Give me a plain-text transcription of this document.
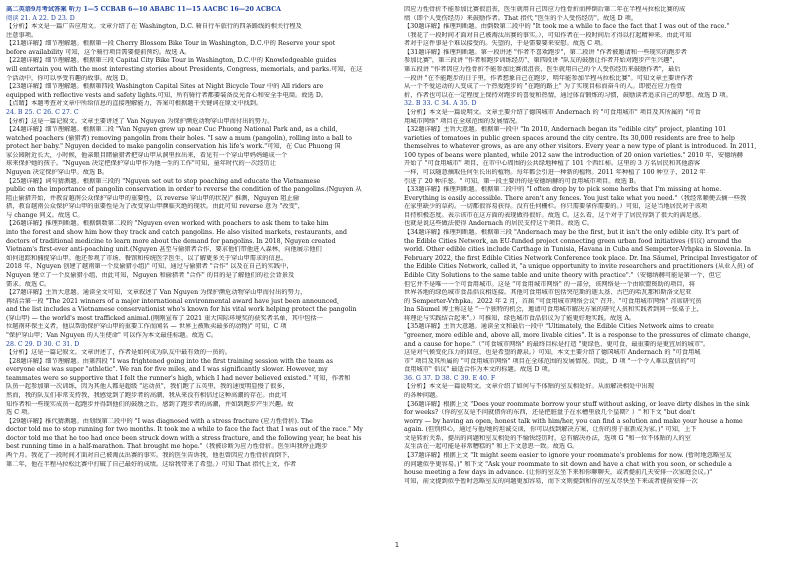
高二英语9月考试答案 听力 1—5 CCBAB 6—10 ABABC 11—15 AACBC 16—20 ACBCA
阅读 21. A 22. D 23. D
【分析】本文是一篇广告应用文。文章介绍了在 Washington, D.C. 骑自行车旅行的四条路线的相关行程及
注意事项。
【21题详解】细节理解题。根据第一段 Cherry Blossom Bike Tour in Washington, D.C.中的 Reserve your spot
before availability 可知，这个骑行项目需要提前预约。故选 A。
【22题详解】细节理解题。根据第三段 Capital City Bike Tour in Washington, D.C.中的 Knowledgeable guides
will entertain you with the most interesting stories about Presidents, Congress, memorials, and parks.可知，在这
个活动中，你可以享受有趣的故事。故选 D。
【23题详解】细节理解题。根据第四段 Washington Capital Sites at Night Bicycle Tour 中的 All riders are
equipped with reflective vests and safety lights.可知，所有骑行者都要装备反光背心和安全手电筒。故选 D。
【点睛】本题考查对文章中所给信息的直接理解能力，答案可根据题干关键词在原文中找到。
24. B 25. C 26. C 27. C
【分析】这是一篇记叙文。文章主要讲述了 Van Nguyen 为保护濒危动物穿山甲而付出的努力。
【24题详解】细节理解题。根据第二段 "Van Nguyen grew up near Cuc Phuong National Park and, as a child,
watched poachers (偷猎者) removing pangolin from their holes. "I saw a mum (pangolin), rolling into a ball to
protect her baby." Nguyen decided to make pangolin conservation his life's work."可知，在 Cuc Phuong 国
家公园附近长大，小时候，他亲眼目睹偷猎者把穿山甲从洞里拉出来，看见有一个穿山甲妈妈蜷成一个
球来保护她的孩子。"Nguyen 决定把保护穿山甲作为他一生的工作"可知，童年时代的一次经历让
Nguyen 决定保护穿山甲。故选 B。
【25题详解】词句猜测题。根据第三段的 "Nguyen set out to stop poaching and educate the Vietnamese
public on the importance of pangolin conservation in order to reverse the condition of the pangolins.(Nguyen 从
阻止偷猎开始，并教育越南公众保护穿山甲的重要性，以 reverse 穿山甲的状况)" 推测，Nguyen 阻止偷
猎，教育越南公众保护穿山甲的重要性是为了改变穿山甲濒临灭绝的现状。由此可知 reverse 意为 "改变"，
与 change 同义。故选 C。
【26题详解】推理判断题。根据倒数第二段的 "Nguyen even worked with poachers to ask them to take him
into the forest and show him how they track and catch pangolins. He also visited markets, restaurants, and
doctors of traditional medicine to learn more about the demand for pangolins. In 2018, Nguyen created
Vietnam's first-ever anti-poaching unit.(Nguyen 甚至与偷猎者合作，要求他们带他进入森林，向他展示他们
如何追踪和捕捉穿山甲。他还参观了市场、餐馆和传统医学医生，以了解更多关于穿山甲需求的信息。
2018 年，Nguyen 创建了越南第一个反偷猎小组)" 可知，通过与偷猎者 "合作" 以及在自己的实践中，
Nguyen 建立了一个反偷猎小组，由此可知，Nguyen 和偷猎者 "合作" 的目的是了解他们的社会背景及
需求。故选 C。
【27题详解】主旨大意题。通读全文可知，文章叙述了 Van Nguyen 为保护濒危动物穿山甲而付出的努力，
再结合第一段 "The 2021 winners of a major international environmental award have just been announced,
and the list includes a Vietnamese conservationist who's known for his vital work helping protect the pangolin
(穿山甲) — the world's most trafficked animal.(刚刚宣布了 2021 重大国际环境奖的获奖者名单，其中包括一
位越南环保主义者，他以帮助保护穿山甲的重要工作而闻名 — 世界上被贩卖最多的动物)" 可知，C 项
"保护穿山甲；Van Nguyen 的人生使命" 可以作为本文最佳标题。故选 C。
28. C 29. D 30. C 31. D
【分析】这是一篇记叙文。文章讲述了，作者是如何成为队友中最有效的一员的。
【28题详解】细节理解题。由第四段 "I was frightened going into the first training session with the team as
everyone else was super "athletic". We ran for five miles, and I was significantly slower. However, my
teammates were so supportive that I felt the runner's high, which I had never believed existed." 可知，作者和
队员一起参加第一次训练，因为其他人都是超级 "运动员"，我们跑了五英里，我的速度明显慢了很多，
然而，我的队友们非常支持我，我感觉到了跑步者的高潮，我从来没有相信过这种高潮的存在。由此可
知作者和一些现实成员一起跑步并得到他们的鼓励之后，感到了跑步者的高潮，并如到跑步产生兴趣。故
选 C 项。
【29题详解】推代猜测题。由划线第二段中的 "I was diagnosed with a stress fracture (应力性骨折). The
doctor told me to stop running for two months. It took me a while to face the fact that I was out of the race." My
doctor told me that he too had once been struck down with a stress fracture, and the following year, he beat his
best running time in a half-marathon. That brought me hope."（我被诊断为应力性骨折。医生叫我停止跑步
两个月。我花了一段时间才面对自己被淘汰出赛的事实。我的医生告诉我，他也曾因应力性骨折而倒下，
第二年，他在半程马拉松比赛中打破了自己最好的成绩。这给我带来了希望。）可知 That 指代上文，作者
因应力性骨折不能参加比赛很沮丧，医生就用自己因应力性骨折而摔倒后第二年在半程马拉松比赛的成
绩（即个人受伤经历）来鼓励作者。That 指代 "医生的个人受伤经历"。故选 D 项。
【30题详解】推理判断题。由倒数第二段中的 "It took me a while to face the fact that I was out of the race."
（我花了一段时间才面对自己被淘汰出赛的事实。），可知作者在一段时间后才得以打起精神来。由此可知
者对于这件事是个难以接受的。失望的，于是需要要来安慰。故选 C 项。
【31题详解】推理判断题。第一段讲述 "作者不喜欢跑步"，第二段讲 "作者被邀请和一些现实的跑步者
参加比赛"，第三段讲 "作者和跑步训练经历"，第四段讲 "队友的鼓励让作者开始对跑步产生兴趣"，
第五段讲 "作者因应力性骨折不能参加比赛很沮丧，医生就用自己的个人受伤经历来鼓励作者"，最后
一段讲 "在不能跑步的日子里，作者想象自己在跑步，明年能参加半程马拉松比赛"。可知文章主要讲作者
从一个不爱运动的人变成了一个热爱跑步的 "在跑的路上" 为了实现目标而奋斗的人。即使在应力性骨
折，作者也可以在一定程度上保持对跑步的喜爱和热情，通过体育锻炼的习惯，鼓励读者追求自己的梦想。故选 D 项。
32. B 33. C 34. A 35. D
【分析】本文是一篇说明文。文章主要介绍了德国城市 Andernach 的 "可食用城市" 项目及其所属的 "可食
用城市网络" 项目在全球范围的发展情况。
【32题详解】主旨大意题。根据第一段中 "In 2010, Andernach began its "edible city" project, planting 101
varieties of tomatoes in public green spaces around the city centre. Its 30,000 residents are free to help
themselves to whatever grows, as are any other visitors. Every year a new type of plant is introduced. In 2011,
100 types of beans were planted, while 2012 saw the introduction of 20 onion varieties." 2010 年，安德纳赫
开始了 "可食用城市" 项目，在市中心周围的公共绿地种植了 101 个西红柿。这里的 3 万名居民和其他游客
一样，可以随意摘取任何生长出的植物。每年都会引进一种新的植物。2011 年种植了 100 种豆子，2012 年
引进了 20 种洋葱。" 可知，第一段主要讲的是安德纳赫的可食用城市项目。故选 B。
【33题详解】推理判断题。根据第二段中的 "I often drop by to pick some herbs that I'm missing at home.
Everything is easily accessible. There aren't any fences. You just take what you need."（我经常顺便去摘一些我
在家里缺少的草药。一切都很容易获得。没有任何栅栏。你只需要拿你需要的。）可知，这是当地居民对于该项
目持积极态度。表示该市在这方面的表现做得很好。故选 C。这么看，这个对于了居民得到了很大的满足感。
也就是说这些做法使得 Andernach 的居民支持这个项目。故选 C。
【34题详解】推理判断题。根据第三段 "Andernach may be the first, but it isn't the only edible city. It's part of
the Edible Cities Network, an EU-funded project connecting green urban food initiatives (倡议) around the
world. Other edible cities include Carthage in Tunisia, Havana in Cuba and Semperter-Vrhpka in Slovenia. In
February 2022, the first Edible Cities Network Conference took place. Dr. Ina Säumel, Principal Investigator of
the Edible Cities Network, called it, "a unique opportunity to invite researchers and practitioners (从业人员) of
Edible City Solutions to the same table and unite theory with practice"."（安德纳赫可能是第一个，但它
但它并不是唯一一个可食用城市。这是 "可食用城市网络" 的一部分，该网络是一个由欧盟资助的项目，将
世界各地的绿色城市食品倡议相连接。其他可食用城市包括突尼斯的迦太基、古巴的哈瓦那和斯洛文尼亚
的 Semperter-Vrhpka。2022 年 2 月，首届 "可食用城市网络会议" 召开。"可食用城市网络" 首席研究员
Ina Säumel 博士称这是 "一个独特的机会，邀请可食用城市解决方案的研究人员和实践者到同一张桌子上，
将理论与实践结合起来"。）可推知，绿色城市食品倡议为了能更好地实践。故选 A。
【35题详解】主旨大意题。通读全文和最后一段中 "Ultimately, the Edible Cities Network aims to create
"greener, more edible and, above all, more livable cities". It is a response to the pressures of climate change,
and a cause for hope."（"可食城市网络" 的最终目标是打造 "更绿色、更可食，最重要的是更宜居的城市"。
这是对气候变化压力的回应，也是希望的源泉。）可知，本文主要介绍了德国城市 Andernach 的 "可食用城
市" 项目及其所属的 "可食用城市网络" 项目在全球范围的发展情况。因此，D 项 "一个令人难以置信的"可
食用城市" 倡议" 最适合作为本文的标题。故选 D 项。
36. G 37. D 38. C 39. E 40. F
【分析】本文是一篇说明文。文章介绍了如何与不体贴的室友相处好。从而解决相处中出现
的各种问题。
【36题详解】根据上文 "Does your roommate borrow your stuff without asking, or leave dirty dishes in the sink
for weeks?（你的室友是不问就借你的东西，还是把脏盘子在水槽里放几个星期？）" 和下文 "but don't
worry — by having an open, honest talk with him/her, you can find a solution and make your house a home
again. (但别担心，通过与他/她的坦诚交谈，你可以找到解决方案，让你的房子重新成为家。)" 可知，上下
文是转折关系，提出的问题和室友相处的不愉快经历时，总有解决办法，选项 G "和一位不体贴的人的室
友生活在一起可能是非常糟糕的" 和上下文意思一致。故选 G。
【37题详解】根据上文 "It might seem easier to ignore your roommate's problems for now. (暂时地忽略室友
的问题似乎更容易。)" 和下文 "Ask your roommate to sit down and have a chat with you soon, or schedule a
house meeting a few days in advance. (让你的室友坐下来和你聊聊天，或者提前几天安排一次家庭会议。)"
可知，前文提到似乎暂时忽略室友的问题更加容易，而下文则提到和你的室友尽快坐下来或者提前安排一次
1
